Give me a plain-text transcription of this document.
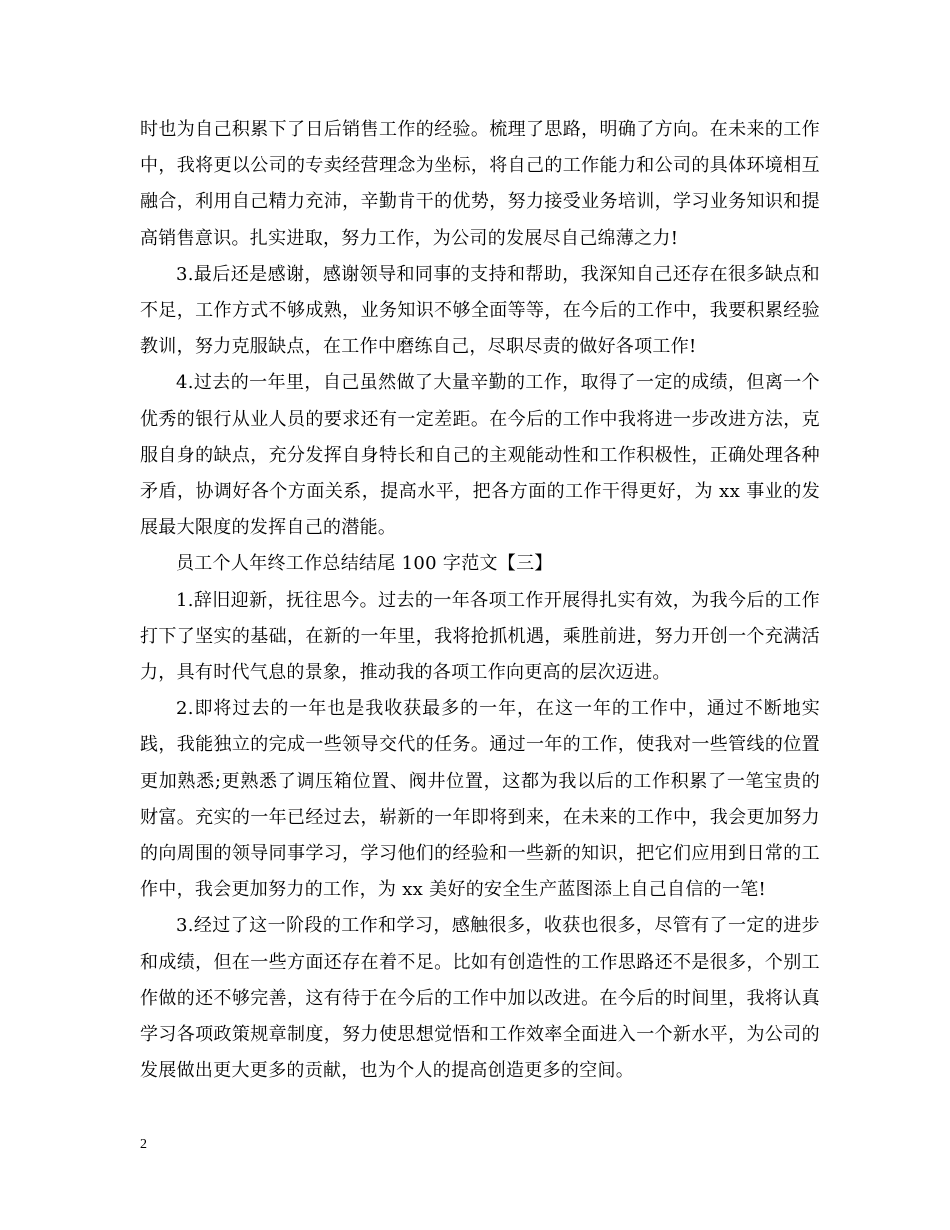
时也为自己积累下了日后销售工作的经验。梳理了思路，明确了方向。在未来的工作中，我将更以公司的专卖经营理念为坐标，将自己的工作能力和公司的具体环境相互融合，利用自己精力充沛，辛勤肯干的优势，努力接受业务培训，学习业务知识和提高销售意识。扎实进取，努力工作，为公司的发展尽自己绵薄之力!

3.最后还是感谢，感谢领导和同事的支持和帮助，我深知自己还存在很多缺点和不足，工作方式不够成熟，业务知识不够全面等等，在今后的工作中，我要积累经验教训，努力克服缺点，在工作中磨练自己，尽职尽责的做好各项工作!

4.过去的一年里，自己虽然做了大量辛勤的工作，取得了一定的成绩，但离一个优秀的银行从业人员的要求还有一定差距。在今后的工作中我将进一步改进方法，克服自身的缺点，充分发挥自身特长和自己的主观能动性和工作积极性，正确处理各种矛盾，协调好各个方面关系，提高水平，把各方面的工作干得更好，为 xx 事业的发展最大限度的发挥自己的潜能。

员工个人年终工作总结结尾 100 字范文【三】

1.辞旧迎新，抚往思今。过去的一年各项工作开展得扎实有效，为我今后的工作打下了坚实的基础，在新的一年里，我将抢抓机遇，乘胜前进，努力开创一个充满活力，具有时代气息的景象，推动我的各项工作向更高的层次迈进。

2.即将过去的一年也是我收获最多的一年，在这一年的工作中，通过不断地实践，我能独立的完成一些领导交代的任务。通过一年的工作，使我对一些管线的位置更加熟悉;更熟悉了调压箱位置、阀井位置，这都为我以后的工作积累了一笔宝贵的财富。充实的一年已经过去，崭新的一年即将到来，在未来的工作中，我会更加努力的向周围的领导同事学习，学习他们的经验和一些新的知识，把它们应用到日常的工作中，我会更加努力的工作，为 xx 美好的安全生产蓝图添上自己自信的一笔!

3.经过了这一阶段的工作和学习，感触很多，收获也很多，尽管有了一定的进步和成绩，但在一些方面还存在着不足。比如有创造性的工作思路还不是很多，个别工作做的还不够完善，这有待于在今后的工作中加以改进。在今后的时间里，我将认真学习各项政策规章制度，努力使思想觉悟和工作效率全面进入一个新水平，为公司的发展做出更大更多的贡献，也为个人的提高创造更多的空间。

2
